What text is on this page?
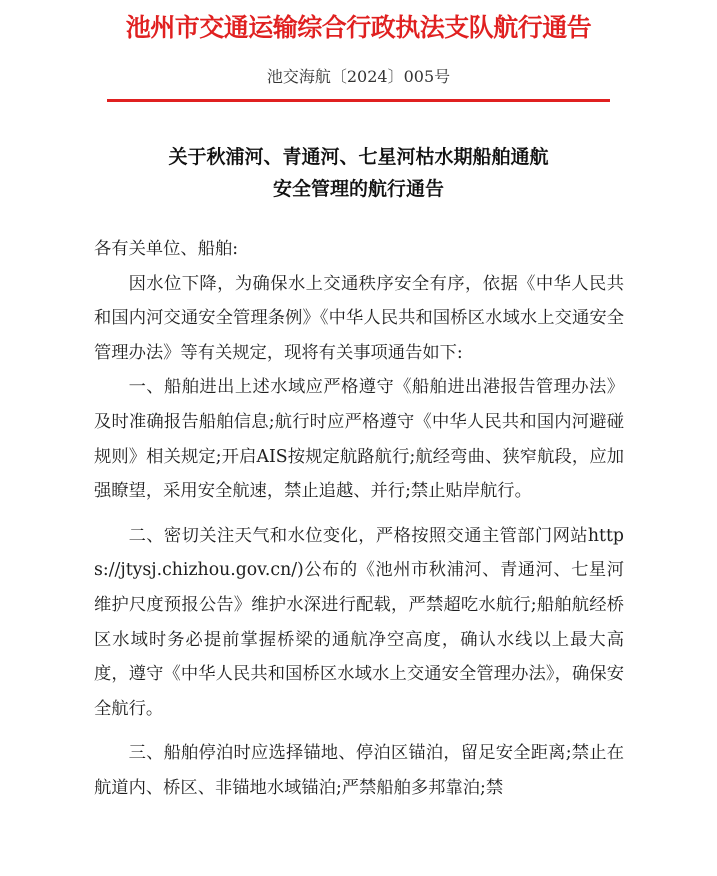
池州市交通运输综合行政执法支队航行通告
池交海航〔2024〕005号
关于秋浦河、青通河、七星河枯水期船舶通航
安全管理的航行通告

各有关单位、船舶:

因水位下降，为确保水上交通秩序安全有序，依据《中华人民共和国内河交通安全管理条例》《中华人民共和国桥区水域水上交通安全管理办法》等有关规定，现将有关事项通告如下:

一、船舶进出上述水域应严格遵守《船舶进出港报告管理办法》及时准确报告船舶信息;航行时应严格遵守《中华人民共和国内河避碰规则》相关规定;开启AIS按规定航路航行;航经弯曲、狭窄航段，应加强瞭望，采用安全航速，禁止追越、并行;禁止贴岸航行。

二、密切关注天气和水位变化，严格按照交通主管部门网站https://jtysj.chizhou.gov.cn/)公布的《池州市秋浦河、青通河、七星河维护尺度预报公告》维护水深进行配载，严禁超吃水航行;船舶航经桥区水域时务必提前掌握桥梁的通航净空高度，确认水线以上最大高度，遵守《中华人民共和国桥区水域水上交通安全管理办法》，确保安全航行。

三、船舶停泊时应选择锚地、停泊区锚泊，留足安全距离;禁止在航道内、桥区、非锚地水域锚泊;严禁船舶多邦靠泊;禁
